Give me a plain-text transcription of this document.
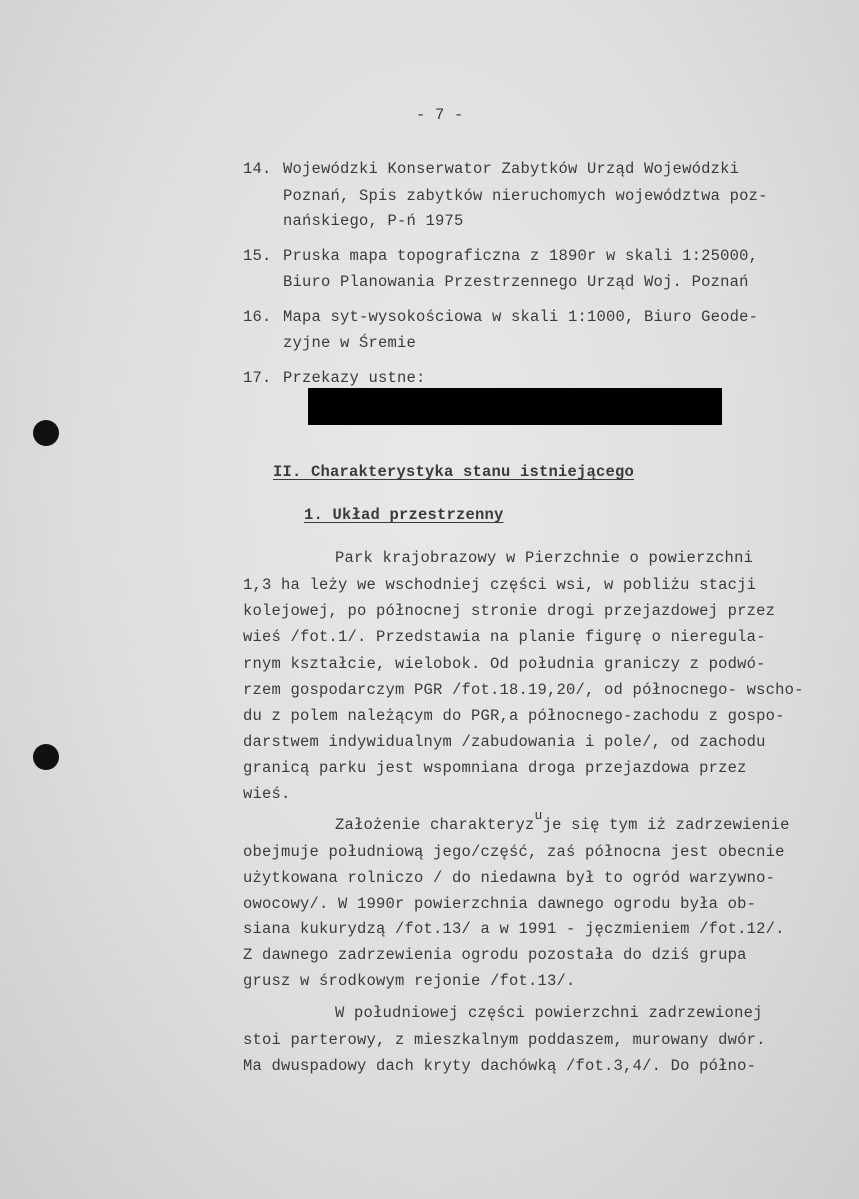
- 7 -
14. Wojewódzki Konserwator Zabytków Urząd Wojewódzki
Poznań, Spis zabytków nieruchomych województwa poz-
nańskiego, P-ń 1975
15. Pruska mapa topograficzna z 1890r w skali 1:25000,
Biuro Planowania Przestrzennego Urząd Woj. Poznań
16. Mapa syt-wysokościowa w skali 1:1000, Biuro Geode-
zyjne w Śremie
17. Przekazy ustne:
II. Charakterystyka stanu istniejącego
1. Układ przestrzenny
Park krajobrazowy w Pierzchnie o powierzchni
1,3 ha leży we wschodniej części wsi, w pobliżu stacji
kolejowej, po północnej stronie drogi przejazdowej przez
wieś /fot.1/. Przedstawia na planie figurę o nieregula-
rnym kształcie, wielobok. Od południa graniczy z podwó-
rzem gospodarczym PGR /fot.18.19,20/, od północnego- wscho-
du z polem należącym do PGR,a północnego-zachodu z gospo-
darstwem indywidualnym /zabudowania i pole/, od zachodu
granicą parku jest wspomniana droga przejazdowa przez
wieś.
Założenie charakteryz$^u$je się tym iż zadrzewienie
obejmuje południową jego/część, zaś północna jest obecnie
użytkowana rolniczo / do niedawna był to ogród warzywno-
owocowy/. W 1990r powierzchnia dawnego ogrodu była ob-
siana kukurydzą /fot.13/ a w 1991 - jęczmieniem /fot.12/.
Z dawnego zadrzewienia ogrodu pozostała do dziś grupa
grusz w środkowym rejonie /fot.13/.
W południowej części powierzchni zadrzewionej
stoi parterowy, z mieszkalnym poddaszem, murowany dwór.
Ma dwuspadowy dach kryty dachówką /fot.3,4/. Do półno-
